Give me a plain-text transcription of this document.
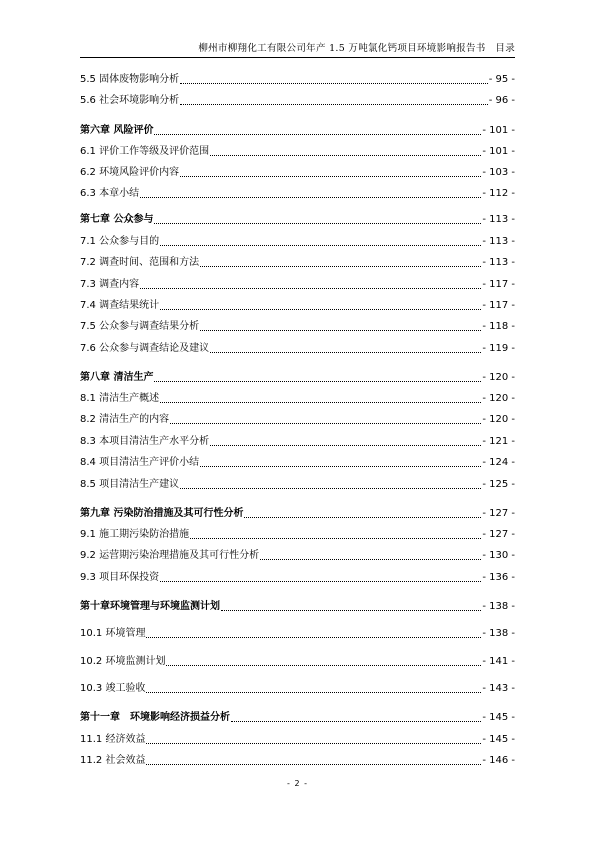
柳州市柳翔化工有限公司年产 1.5 万吨氯化钙项目环境影响报告书　目录
5.5 固体废物影响分析	- 95 -
5.6 社会环境影响分析	- 96 -
第六章 风险评价	- 101 -
6.1 评价工作等级及评价范围	- 101 -
6.2 环境风险评价内容	- 103 -
6.3 本章小结	- 112 -
第七章 公众参与	- 113 -
7.1 公众参与目的	- 113 -
7.2 调查时间、范围和方法	- 113 -
7.3 调查内容	- 117 -
7.4 调查结果统计	- 117 -
7.5 公众参与调查结果分析	- 118 -
7.6 公众参与调查结论及建议	- 119 -
第八章 清洁生产	- 120 -
8.1 清洁生产概述	- 120 -
8.2 清洁生产的内容	- 120 -
8.3 本项目清洁生产水平分析	- 121 -
8.4 项目清洁生产评价小结	- 124 -
8.5 项目清洁生产建议	- 125 -
第九章 污染防治措施及其可行性分析	- 127 -
9.1 施工期污染防治措施	- 127 -
9.2 运营期污染治理措施及其可行性分析	- 130 -
9.3 项目环保投资	- 136 -
第十章环境管理与环境监测计划	- 138 -
10.1 环境管理	- 138 -
10.2 环境监测计划	- 141 -
10.3 竣工验收	- 143 -
第十一章　环境影响经济损益分析	- 145 -
11.1 经济效益	- 145 -
11.2 社会效益	- 146 -
- 2 -
